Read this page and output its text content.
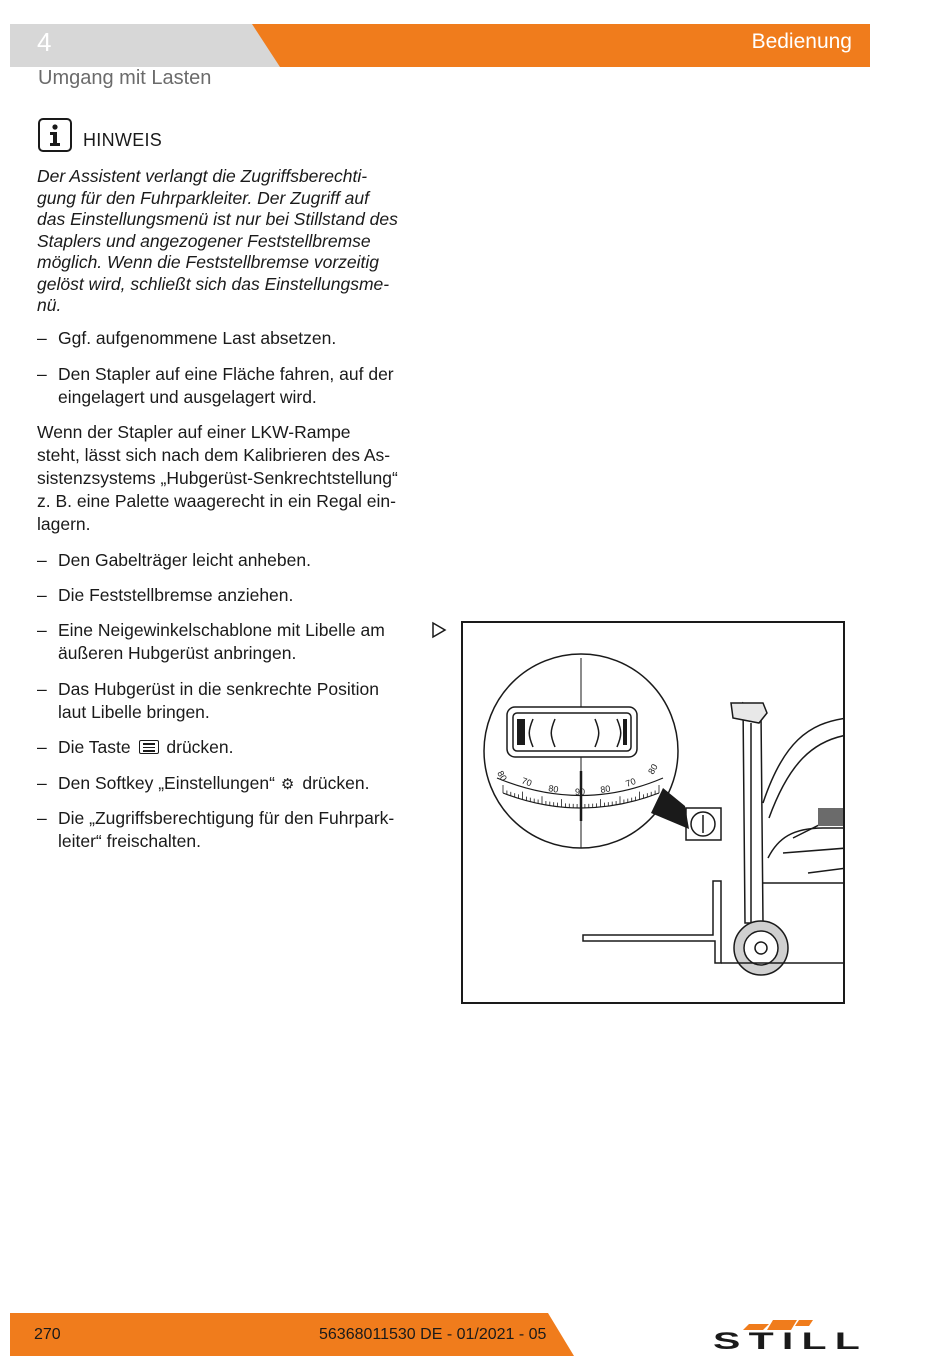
4	Bedienung
Umgang mit Lasten
HINWEIS
Der Assistent verlangt die Zugriffsberechti-
gung für den Fuhrparkleiter. Der Zugriff auf
das Einstellungsmenü ist nur bei Stillstand des
Staplers und angezogener Feststellbremse
möglich. Wenn die Feststellbremse vorzeitig
gelöst wird, schließt sich das Einstellungsme-
nü.
– Ggf. aufgenommene Last absetzen.
– Den Stapler auf eine Fläche fahren, auf der
eingelagert und ausgelagert wird.
Wenn der Stapler auf einer LKW-Rampe
steht, lässt sich nach dem Kalibrieren des As-
sistenzsystems „Hubgerüst-Senkrechtstellung“
z. B. eine Palette waagerecht in ein Regal ein-
lagern.
– Den Gabelträger leicht anheben.
– Die Feststellbremse anziehen.
– Eine Neigewinkelschablone mit Libelle am
äußeren Hubgerüst anbringen.
– Das Hubgerüst in die senkrechte Position
laut Libelle bringen.
– Die Taste drücken.
– Den Softkey „Einstellungen“ ⚙ drücken.
– Die „Zugriffsberechtigung für den Fuhrpark-
leiter“ freischalten.
80 70
80 90 80
70
80
270	56368011530 DE - 01/2021 - 05	STILL
